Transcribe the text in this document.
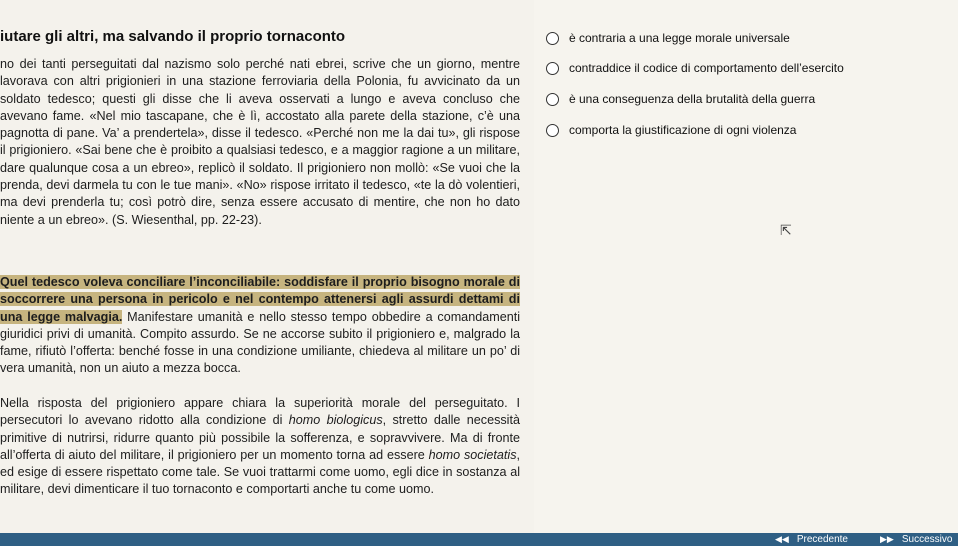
iutare gli altri, ma salvando il proprio tornaconto

no dei tanti perseguitati dal nazismo solo perché nati ebrei, scrive che un giorno, mentre lavorava con altri prigionieri in una stazione ferroviaria della Polonia, fu avvicinato da un soldato tedesco; questi gli disse che li aveva osservati a lungo e aveva concluso che avevano fame. «Nel mio tascapane, che è lì, accostato alla parete della stazione, c’è una pagnotta di pane. Va’ a prendertela», disse il tedesco. «Perché non me la dai tu», gli rispose il prigioniero. «Sai bene che è proibito a qualsiasi tedesco, e a maggior ragione a un militare, dare qualunque cosa a un ebreo», replicò il soldato. Il prigioniero non mollò: «Se vuoi che la prenda, devi darmela tu con le tue mani». «No» rispose irritato il tedesco, «te la dò volentieri, ma devi prenderla tu; così potrò dire, senza essere accusato di mentire, che non ho dato niente a un ebreo». (S. Wiesenthal, pp. 22-23).

Quel tedesco voleva conciliare l’inconciliabile: soddisfare il proprio bisogno morale di soccorrere una persona in pericolo e nel contempo attenersi agli assurdi dettami di una legge malvagia. Manifestare umanità e nello stesso tempo obbedire a comandamenti giuridici privi di umanità. Compito assurdo. Se ne accorse subito il prigioniero e, malgrado la fame, rifiutò l’offerta: benché fosse in una condizione umiliante, chiedeva al militare un po’ di vera umanità, non un aiuto a mezza bocca.

Nella risposta del prigioniero appare chiara la superiorità morale del perseguitato. I persecutori lo avevano ridotto alla condizione di homo biologicus, stretto dalle necessità primitive di nutrirsi, ridurre quanto più possibile la sofferenza, e sopravvivere. Ma di fronte all’offerta di aiuto del militare, il prigioniero per un momento torna ad essere homo societatis, ed esige di essere rispettato come tale. Se vuoi trattarmi come uomo, egli dice in sostanza al militare, devi dimenticare il tuo tornaconto e comportarti anche tu come uomo.

è contraria a una legge morale universale
contraddice il codice di comportamento dell’esercito
è una conseguenza della brutalità della guerra
comporta la giustificazione di ogni violenza
⇱
◀◀ Precedente	▶▶ Successivo
